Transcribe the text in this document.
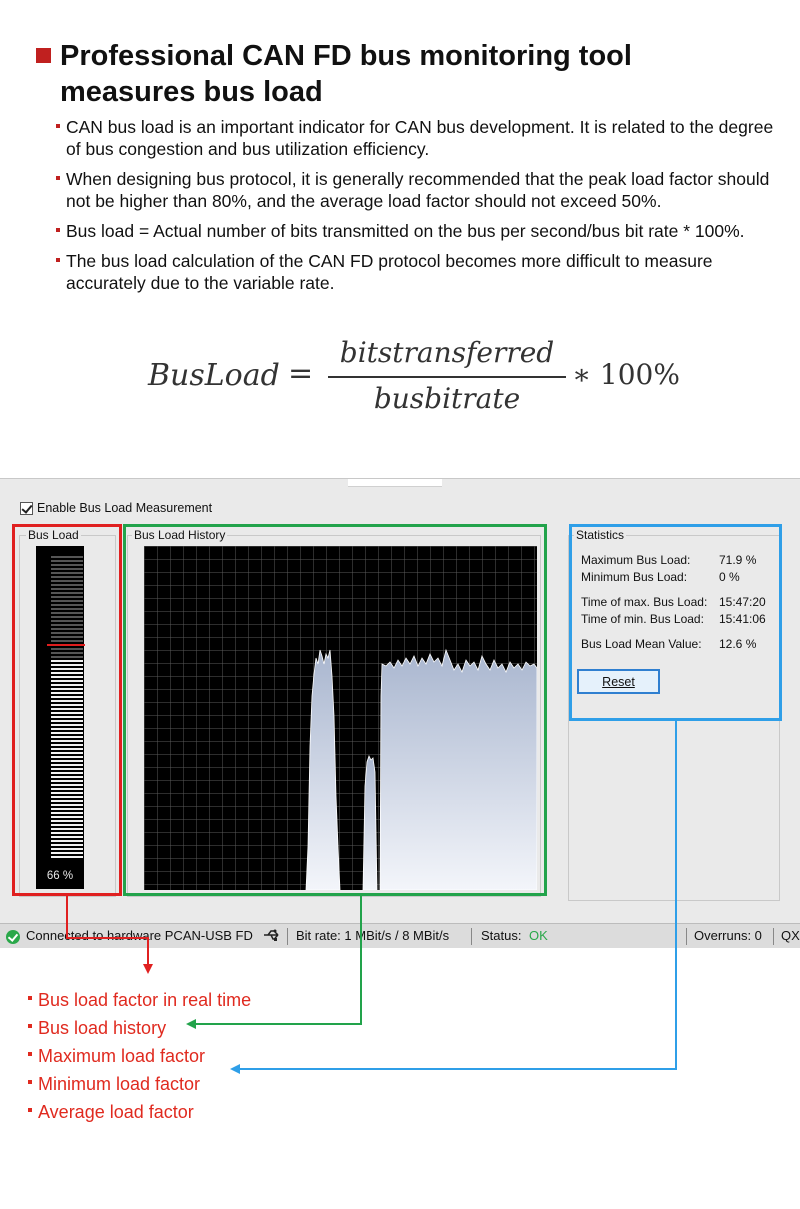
Professional CAN FD bus monitoring tool measures bus load
CAN bus load is an important indicator for CAN bus development. It is related to the degree of bus congestion and bus utilization efficiency.
When designing bus protocol, it is generally recommended that the peak load factor should not be higher than 80%, and the average load factor should not exceed 50%.
Bus load = Actual number of bits transmitted on the bus per second/bus bit rate * 100%.
The bus load calculation of the CAN FD protocol becomes more difficult to measure accurately due to the variable rate.
BusLoad =
bitstransferred
busbitrate
∗ 100%
Enable Bus Load Measurement
Bus Load	Bus Load History	Statistics
66 %
Maximum Bus Load: 71.9 %
Minimum Bus Load:	0 %
Time of max. Bus Load: 15:47:20
Time of min. Bus Load: 15:41:06
Bus Load Mean Value: 12.6 %
Reset
Connected to hardware PCAN-USB FD	Bit rate: 1 MBit/s / 8 MBit/s Status: OK	Overruns: 0 QX
Bus load factor in real time
Bus load history
Maximum load factor
Minimum load factor
Average load factor
